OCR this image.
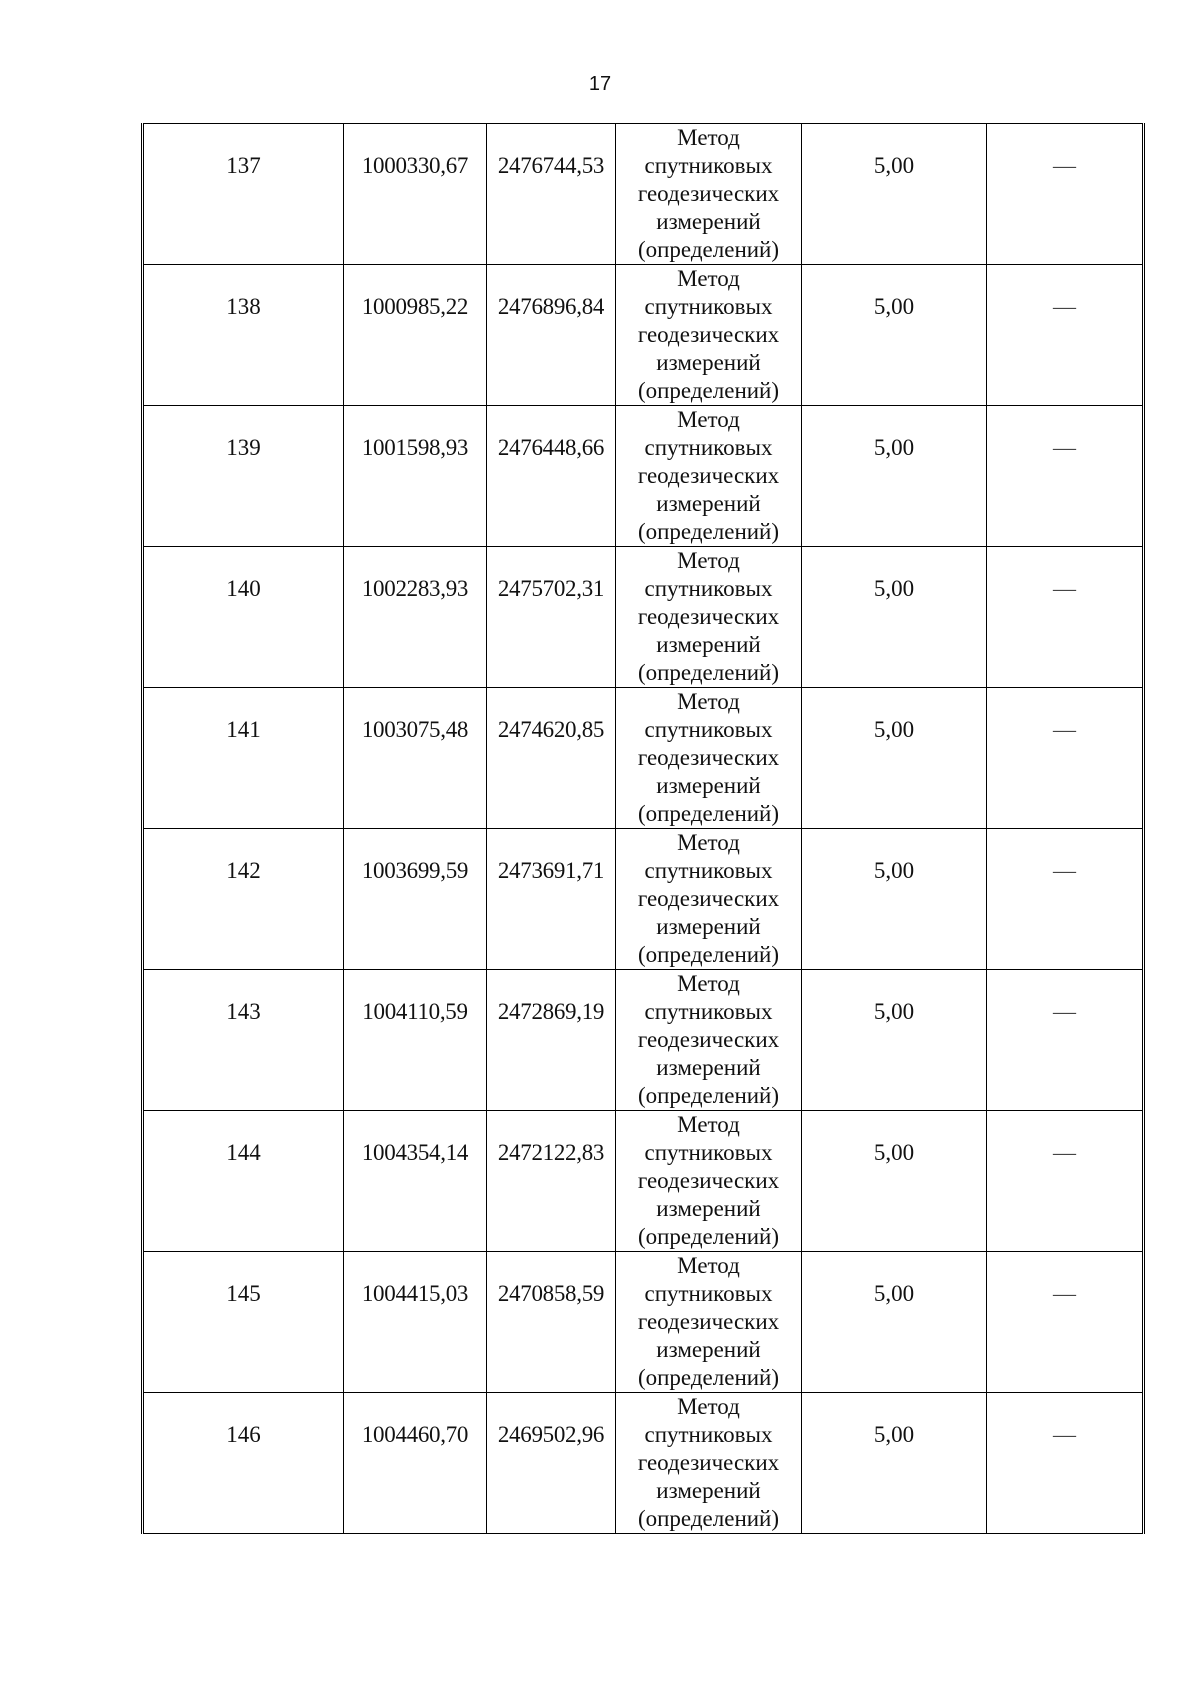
17
137	1000330,67	2476744,53	Метод
спутниковых
геодезических
измерений
(определений)	5,00	—
138	1000985,22	2476896,84	Метод
спутниковых
геодезических
измерений
(определений)	5,00	—
139	1001598,93	2476448,66	Метод
спутниковых
геодезических
измерений
(определений)	5,00	—
140	1002283,93	2475702,31	Метод
спутниковых
геодезических
измерений
(определений)	5,00	—
141	1003075,48	2474620,85	Метод
спутниковых
геодезических
измерений
(определений)	5,00	—
142	1003699,59	2473691,71	Метод
спутниковых
геодезических
измерений
(определений)	5,00	—
143	1004110,59	2472869,19	Метод
спутниковых
геодезических
измерений
(определений)	5,00	—
144	1004354,14	2472122,83	Метод
спутниковых
геодезических
измерений
(определений)	5,00	—
145	1004415,03	2470858,59	Метод
спутниковых
геодезических
измерений
(определений)	5,00	—
146	1004460,70	2469502,96	Метод
спутниковых
геодезических
измерений
(определений)	5,00	—
